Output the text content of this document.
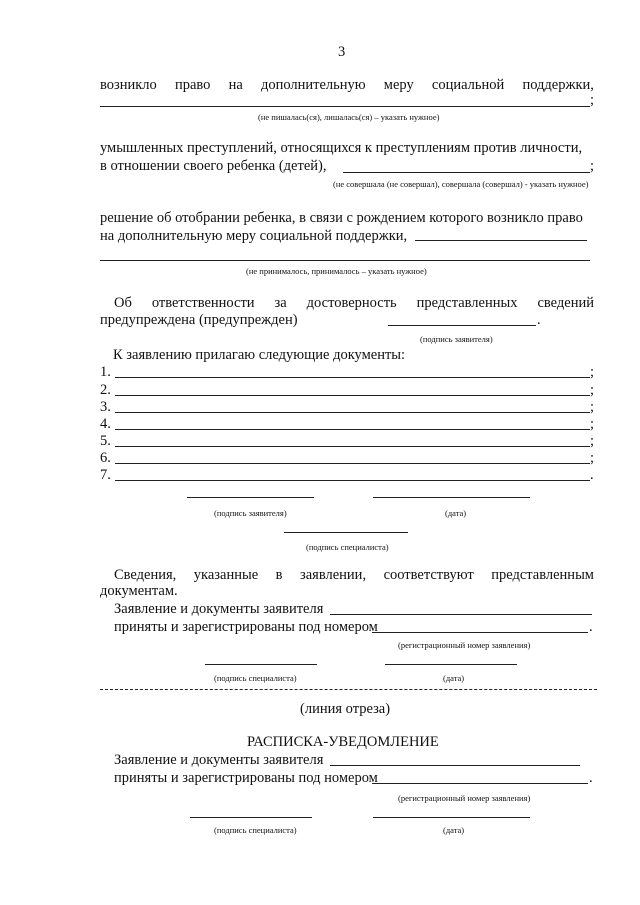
3
возникло право на дополнительную меру социальной поддержки,
;
(не пишалась(ся), лишалась(ся) – указать нужное)
умышленных преступлений, относящихся к преступлениям против личности,
в отношении своего ребенка (детей),	;
(не совершала (не совершал), совершала (совершал) - указать нужное)
решение об отобрании ребенка, в связи с рождением которого возникло право
на дополнительную меру социальной поддержки,
(не принималось, принималось – указать нужное)
Об ответственности за достоверность представленных сведений
предупреждена (предупрежден)	.
(подпись заявителя)
К заявлению прилагаю следующие документы:
1.	;
2.	;
3.	;
4.	;
5.	;
6.	;
7.	.
(подпись заявителя)	(дата)
(подпись специалиста)
Сведения, указанные в заявлении, соответствуют представленным
документам.
Заявление и документы заявителя
приняты и зарегистрированы под номером	.
(регистрационный номер заявления)
(подпись специалиста)	(дата)
(линия отреза)
РАСПИСКА-УВЕДОМЛЕНИЕ
Заявление и документы заявителя
приняты и зарегистрированы под номером	.
(регистрационный номер заявления)
(подпись специалиста)	(дата)
